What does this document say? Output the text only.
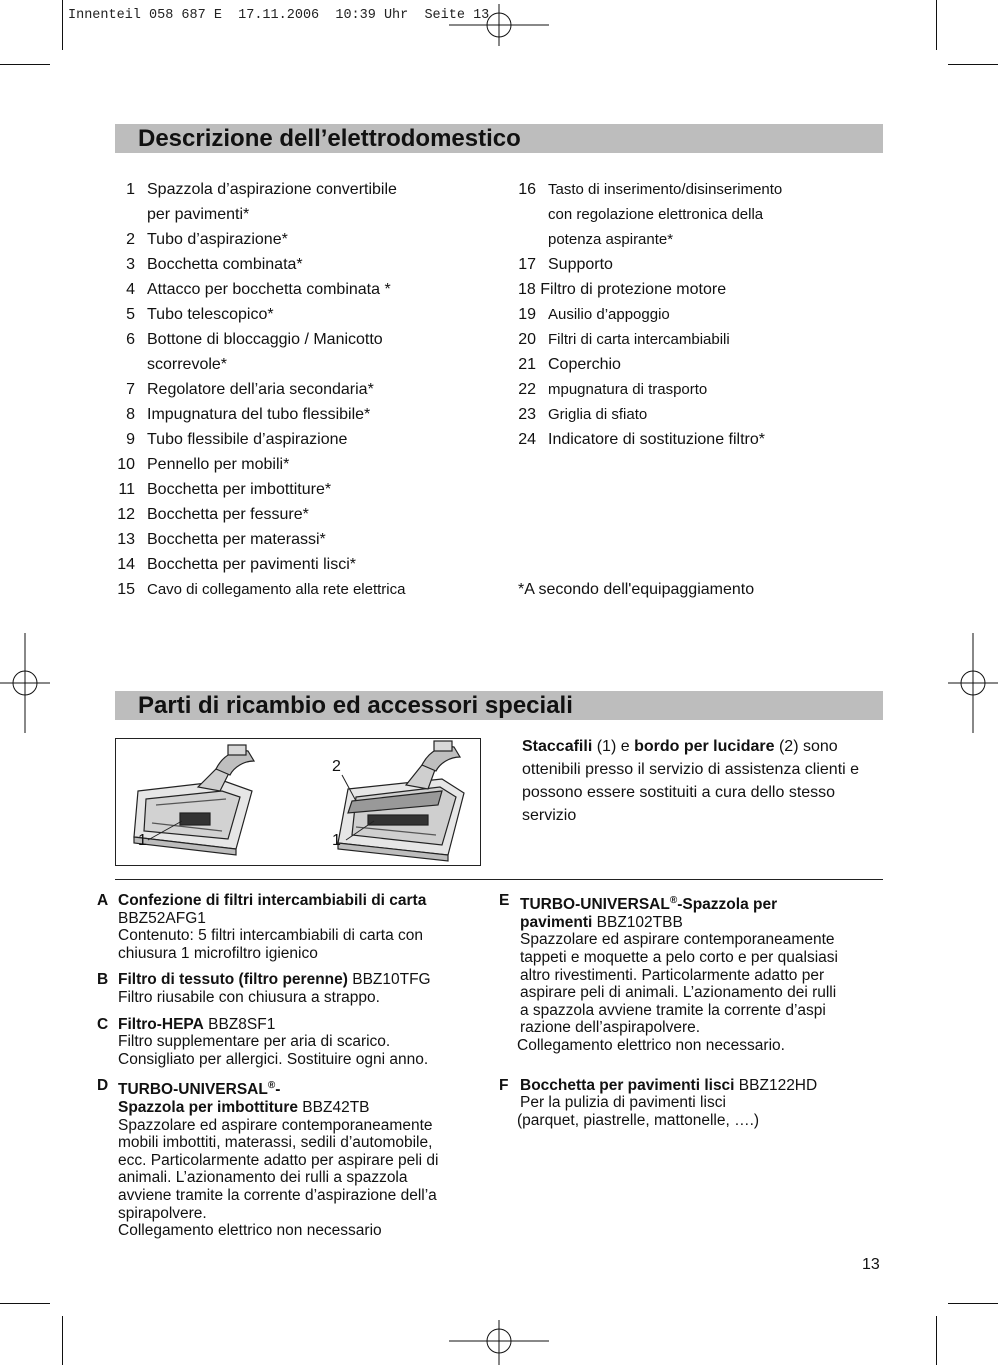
Innenteil 058 687 E  17.11.2006  10:39 Uhr  Seite 13
Descrizione dell’elettrodomestico
1 Spazzola d’aspirazione convertibile
per pavimenti*
2 Tubo d’aspirazione*
3 Bocchetta combinata*
4 Attacco per bocchetta combinata *
5 Tubo telescopico*
6 Bottone di bloccaggio / Manicotto
scorrevole*
7 Regolatore dell’aria secondaria*
8 Impugnatura del tubo flessibile*
9 Tubo flessibile d’aspirazione
10 Pennello per mobili*
11 Bocchetta per imbottiture*
12 Bocchetta per fessure*
13 Bocchetta per materassi*
14 Bocchetta per pavimenti lisci*
15 Cavo di collegamento alla rete elettrica
16 Tasto di inserimento/disinserimento
con regolazione elettronica della
potenza aspirante*
17 Supporto
18 Filtro di protezione motore
19 Ausilio d’appoggio
20 Filtri di carta intercambiabili
21 Coperchio
22 mpugnatura di trasporto
23 Griglia di sfiato
24 Indicatore di sostituzione filtro*
*A secondo dell'equipaggiamento
Parti di ricambio ed accessori speciali
1
2
1
Staccafili (1) e bordo per lucidare (2) sono ottenibili presso il servizio di assistenza clienti e possono essere sostituiti a cura dello stesso servizio
A Confezione di filtri intercambiabili di carta
BBZ52AFG1
Contenuto: 5 filtri intercambiabili di carta con
chiusura 1 microfiltro igienico
B Filtro di tessuto (filtro perenne) BBZ10TFG
Filtro riusabile con chiusura a strappo.
C Filtro-HEPA BBZ8SF1
Filtro supplementare per aria di scarico.
Consigliato per allergici. Sostituire ogni anno.
D TURBO-UNIVERSAL®-
Spazzola per imbottiture BBZ42TB
Spazzolare ed aspirare contemporaneamente
mobili imbottiti, materassi, sedili d’automobile,
ecc. Particolarmente adatto per aspirare peli di
animali. L’azionamento dei rulli a spazzola
avviene tramite la corrente d’aspirazione dell’a
spirapolvere.
Collegamento elettrico non necessario
E TURBO-UNIVERSAL®-Spazzola per
pavimenti BBZ102TBB
Spazzolare ed aspirare contemporaneamente
tappeti e moquette a pelo corto e per qualsiasi
altro rivestimenti. Particolarmente adatto per
aspirare peli di animali. L’azionamento dei rulli
a spazzola avviene tramite la corrente d’aspi
razione dell’aspirapolvere.
Collegamento elettrico non necessario.
F Bocchetta per pavimenti lisci BBZ122HD
Per la pulizia di pavimenti lisci
(parquet, piastrelle, mattonelle, ….)
13
